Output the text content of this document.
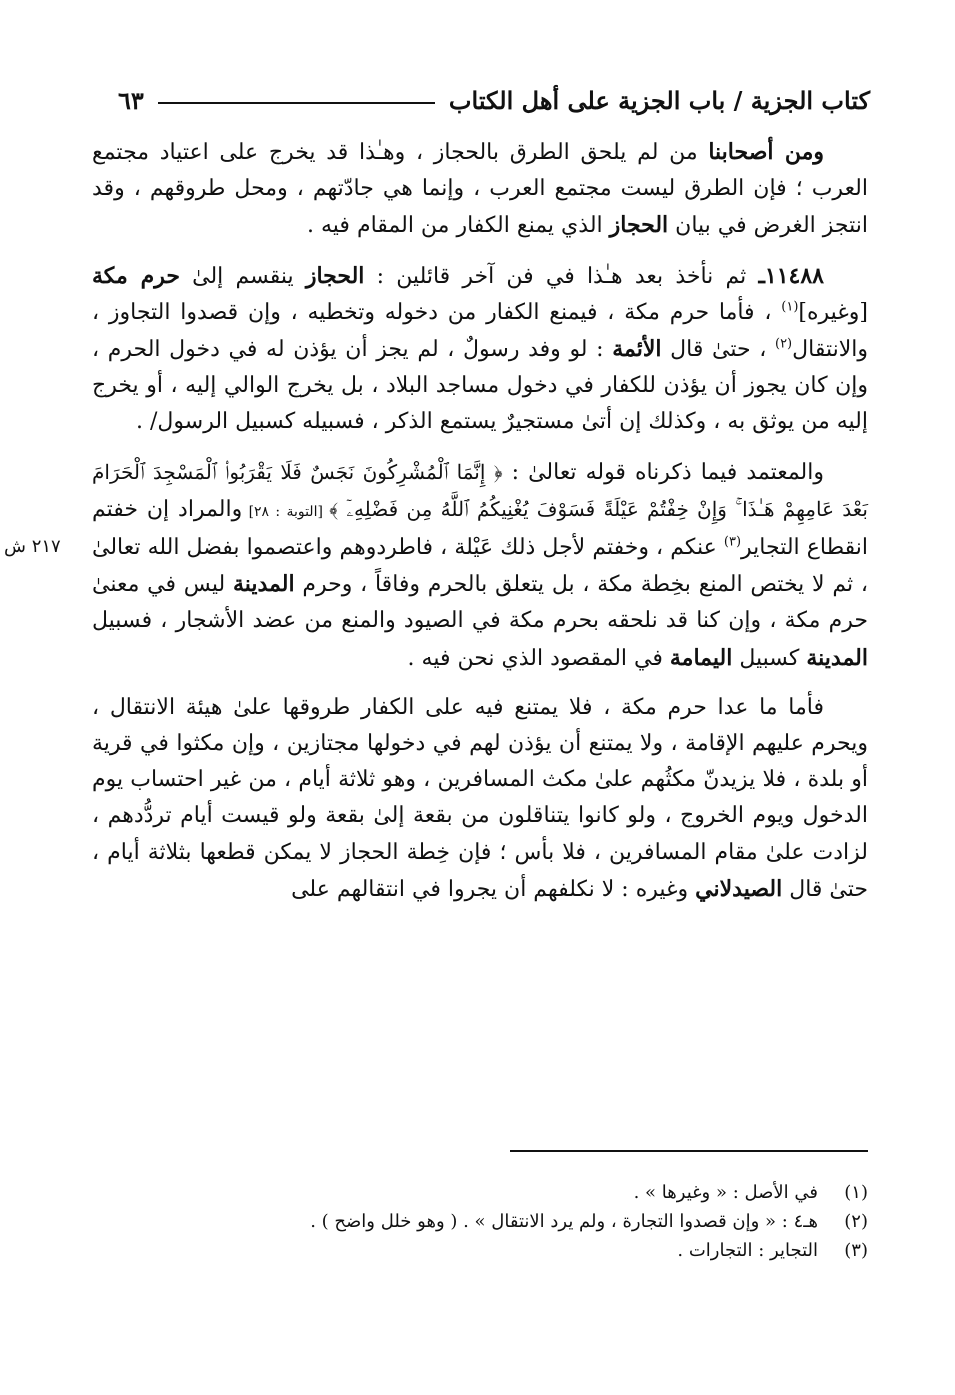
كتاب الجزية / باب الجزية على أهل الكتاب
٦٣
٢١٧ ش

ومن أصحابنا من لم يلحق الطرق بالحجاز ، وهـٰذا قد يخرج على اعتياد مجتمع العرب ؛ فإن الطرق ليست مجتمع العرب ، وإنما هي جادّتهم ، ومحل طروقهم ، وقد انتجز الغرض في بيان الحجاز الذي يمنع الكفار من المقام فيه .

١١٤٨٨ـ ثم نأخذ بعد هـٰذا في فن آخر قائلين : الحجاز ينقسم إلىٰ حرم مكة [وغيره]$^{(١)}$ ، فأما حرم مكة ، فيمنع الكفار من دخوله وتخطيه ، وإن قصدوا التجاوز ، والانتقال$^{(٢)}$ ، حتىٰ قال الأئمة : لو وفد رسولٌ ، لم يجز أن يؤذن له في دخول الحرم ، وإن كان يجوز أن يؤذن للكفار في دخول مساجد البلاد ، بل يخرج الوالي إليه ، أو يخرج إليه من يوثق به ، وكذلك إن أتىٰ مستجيرٌ يستمع الذكر ، فسبيله كسبيل الرسول/ .

والمعتمد فيما ذكرناه قوله تعالىٰ : ﴿ إِنَّمَا ٱلْمُشْرِكُونَ نَجَسٌ فَلَا يَقْرَبُوا۟ ٱلْمَسْجِدَ ٱلْحَرَامَ بَعْدَ عَامِهِمْ هَـٰذَا ۚ وَإِنْ خِفْتُمْ عَيْلَةً فَسَوْفَ يُغْنِيكُمُ ٱللَّهُ مِن فَضْلِهِۦٓ ﴾ [التوبة : ٢٨] والمراد إن خفتم انقطاع التجاير$^{(٣)}$ عنكم ، وخفتم لأجل ذلك عَيْلة ، فاطردوهم واعتصموا بفضل الله تعالىٰ ، ثم لا يختص المنع بخِطة مكة ، بل يتعلق بالحرم وفاقاً ، وحرم المدينة ليس في معنىٰ حرم مكة ، وإن كنا قد نلحقه بحرم مكة في الصيود والمنع من عضد الأشجار ، فسبيل المدينة كسبيل اليمامة في المقصود الذي نحن فيه .

فأما ما عدا حرم مكة ، فلا يمتنع فيه على الكفار طروقها علىٰ هيئة الانتقال ، ويحرم عليهم الإقامة ، ولا يمتنع أن يؤذن لهم في دخولها مجتازين ، وإن مكثوا في قرية أو بلدة ، فلا يزيدنّ مكثُهم علىٰ مكث المسافرين ، وهو ثلاثة أيام ، من غير احتساب يوم الدخول ويوم الخروج ، ولو كانوا يتناقلون من بقعة إلىٰ بقعة ولو قيست أيام تردُّدهم ، لزادت علىٰ مقام المسافرين ، فلا بأس ؛ فإن خِطة الحجاز لا يمكن قطعها بثلاثة أيام ، حتىٰ قال الصيدلاني وغيره : لا نكلفهم أن يجروا في انتقالهم على

(١)
في الأصل : « وغيرها » .
(٢)
هـ٤ : « وإن قصدوا التجارة ، ولم يرد الانتقال » . ( وهو خلل واضح ) .
(٣)
التجاير : التجارات .
